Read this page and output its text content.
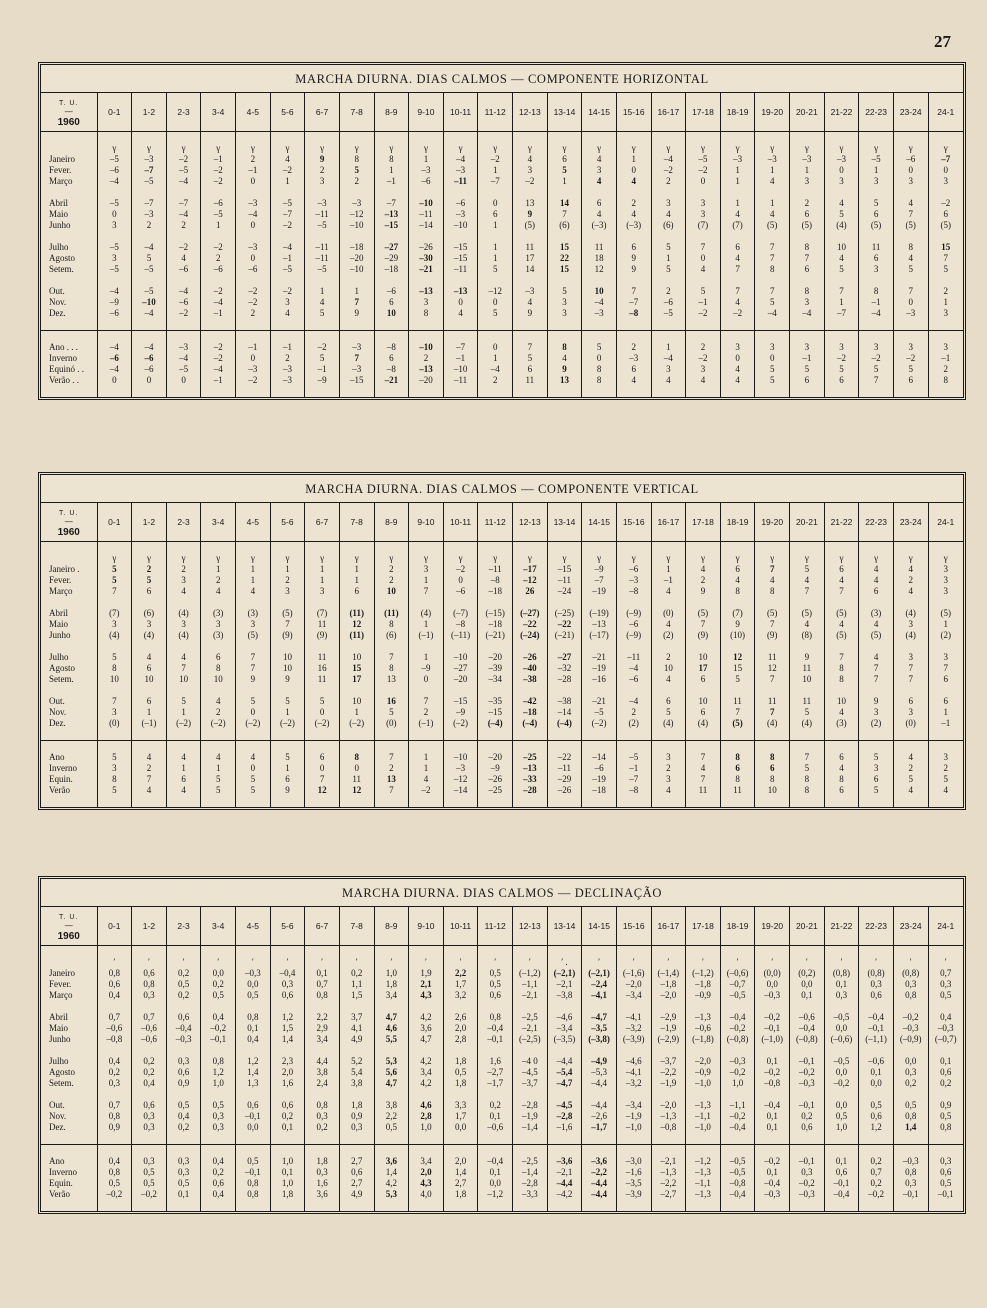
27
MARCHA DIURNA. DIAS CALMOS — COMPONENTE HORIZONTAL
T. U.
—
1960	0-1	1-2	2-3	3-4	4-5	5-6	6-7	7-8	8-9	9-10	10-11	11-12	12-13	13-14	14-15	15-16	16-17	17-18	18-19	19-20	20-21	21-22	22-23	23-24	24-1

	γ	γ	γ	γ	γ	γ	γ	γ	γ	γ	γ	γ	γ	γ	γ	γ	γ	γ	γ	γ	γ	γ	γ	γ	γ
Janeiro	–5	–3	–2	–1	2	4	9	8	8	1	–4	–2	4	6	4	1	–4	–5	–3	–3	–3	–3	–5	–6	–7
Fever.	–6	–7	–5	–2	–1	–2	2	5	1	–3	–3	1	3	5	3	0	–2	–2	1	1	1	0	1	0	0
Março	–4	–5	–4	–2	0	1	3	2	–1	–6	–11	–7	–2	1	4	4	2	0	1	4	3	3	3	3	3

Abril	–5	–7	–7	–6	–3	–5	–3	–3	–7	–10	–6	0	13	14	6	2	3	3	1	1	2	4	5	4	–2
Maio	0	–3	–4	–5	–4	–7	–11	–12	–13	–11	–3	6	9	7	4	4	4	3	4	4	6	5	6	7	6
Junho	3	2	2	1	0	–2	–5	–10	–15	–14	–10	1	(5)	(6)	(–3)	(–3)	(6)	(7)	(7)	(5)	(5)	(4)	(5)	(5)	(5)

Julho	–5	–4	–2	–2	–3	–4	–11	–18	–27	–26	–15	1	11	15	11	6	5	7	6	7	8	10	11	8	15
Agosto	3	5	4	2	0	–1	–11	–20	–29	–30	–15	1	17	22	18	9	1	0	4	7	7	4	6	4	7
Setem.	–5	–5	–6	–6	–6	–5	–5	–10	–18	–21	–11	5	14	15	12	9	5	4	7	8	6	5	3	5	5

Out.	–4	–5	–4	–2	–2	–2	1	1	–6	–13	–13	–12	–3	5	10	7	2	5	7	7	8	7	8	7	2
Nov.	–9	–10	–6	–4	–2	3	4	7	6	3	0	0	4	3	–4	–7	–6	–1	4	5	3	1	–1	0	1
Dez.	–6	–4	–2	–1	2	4	5	9	10	8	4	5	9	3	–3	–8	–5	–2	–2	–4	–4	–7	–4	–3	3

Ano . . .	–4	–4	–3	–2	–1	–1	–2	–3	–8	–10	–7	0	7	8	5	2	1	2	3	3	3	3	3	3	3
Inverno	–6	–6	–4	–2	0	2	5	7	6	2	–1	1	5	4	0	–3	–4	–2	0	0	–1	–2	–2	–2	–1
Equinó . .	–4	–6	–5	–4	–3	–3	–1	–3	–8	–13	–10	–4	6	9	8	6	3	3	4	5	5	5	5	5	2
Verão . .	0	0	0	–1	–2	–3	–9	–15	–21	–20	–11	2	11	13	8	4	4	4	4	5	6	6	7	6	8

MARCHA DIURNA. DIAS CALMOS — COMPONENTE VERTICAL
T. U.
—
1960	0-1	1-2	2-3	3-4	4-5	5-6	6-7	7-8	8-9	9-10	10-11	11-12	12-13	13-14	14-15	15-16	16-17	17-18	18-19	19-20	20-21	21-22	22-23	23-24	24-1

	γ	γ	γ	γ	γ	γ	γ	γ	γ	γ	γ	γ	γ	γ	γ	γ	γ	γ	γ	γ	γ	γ	γ	γ	γ
Janeiro .	5	2	2	1	1	1	1	1	2	3	–2	–11	–17	–15	–9	–6	1	4	6	7	5	6	4	4	3
Fever.	5	5	3	2	1	2	1	1	2	1	0	–8	–12	–11	–7	–3	–1	2	4	4	4	4	4	2	3
Março	7	6	4	4	4	3	3	6	10	7	–6	–18	26	–24	–19	–8	4	9	8	8	7	7	6	4	3

Abril	(7)	(6)	(4)	(3)	(3)	(5)	(7)	(11)	(11)	(4)	(–7)	(–15)	(–27)	(–25)	(–19)	(–9)	(0)	(5)	(7)	(5)	(5)	(5)	(3)	(4)	(5)
Maio	3	3	3	3	3	7	11	12	8	1	–8	–18	–22	–22	–13	–6	4	7	9	7	4	4	4	3	1
Junho	(4)	(4)	(4)	(3)	(5)	(9)	(9)	(11)	(6)	(–1)	(–11)	(–21)	(–24)	(–21)	(–17)	(–9)	(2)	(9)	(10)	(9)	(8)	(5)	(5)	(4)	(2)

Julho	5	4	4	6	7	10	11	10	7	1	–10	–20	–26	–27	–21	–11	2	10	12	11	9	7	4	3	3
Agosto	8	6	7	8	7	10	16	15	8	–9	–27	–39	–40	–32	–19	–4	10	17	15	12	11	8	7	7	7
Setem.	10	10	10	10	9	9	11	17	13	0	–20	–34	–38	–28	–16	–6	4	6	5	7	10	8	7	7	6

Out.	7	6	5	4	5	5	5	10	16	7	–15	–35	–42	–38	–21	–4	6	10	11	11	11	10	9	6	6
Nov.	3	1	1	2	0	1	0	1	5	2	–9	–15	–18	–14	–5	2	5	6	7	7	5	4	3	3	1
Dez.	(0)	(–1)	(–2)	(–2)	(–2)	(–2)	(–2)	(–2)	(0)	(–1)	(–2)	(–4)	(–4)	(–4)	(–2)	(2)	(4)	(4)	(5)	(4)	(4)	(3)	(2)	(0)	–1

Ano	5	4	4	4	4	5	6	8	7	1	–10	–20	–25	–22	–14	–5	3	7	8	8	7	6	5	4	3
Inverno	3	2	1	1	0	1	0	0	2	1	–3	–9	–13	–11	–6	–1	2	4	6	6	5	4	3	2	2
Equin.	8	7	6	5	5	6	7	11	13	4	–12	–26	–33	–29	–19	–7	3	7	8	8	8	8	6	5	5
Verão	5	4	4	5	5	9	12	12	7	–2	–14	–25	–28	–26	–18	–8	4	11	11	10	8	6	5	4	4

MARCHA DIURNA. DIAS CALMOS — DECLINAÇÃO
T. U.
—
1960	0-1	1-2	2-3	3-4	4-5	5-6	6-7	7-8	8-9	9-10	10-11	11-12	12-13	13-14	14-15	15-16	16-17	17-18	18-19	19-20	20-21	21-22	22-23	23-24	24-1

	′	′	′	′	′	′	′	′	′	′	′	′	′	′ .	′	′	′	′	′	′	′	′	′	′	′
Janeiro	0,8	0,6	0,2	0,0	–0,3	–0,4	0,1	0,2	1,0	1,9	2,2	0,5	(–1,2)	(–2,1)	(–2,1)	(–1,6)	(–1,4)	(–1,2)	(–0,6)	(0,0)	(0,2)	(0,8)	(0,8)	(0,8)	0,7
Fever.	0,6	0,8	0,5	0,2	0,0	0,3	0,7	1,1	1,8	2,1	1,7	0,5	–1,1	–2,1	–2,4	–2,0	–1,8	–1,8	–0,7	0,0	0,0	0,1	0,3	0,3	0,3
Março	0,4	0,3	0,2	0,5	0,5	0,6	0,8	1,5	3,4	4,3	3,2	0,6	–2,1	–3,8	–4,1	–3,4	–2,0	–0,9	–0,5	–0,3	0,1	0,3	0,6	0,8	0,5

Abril	0,7	0,7	0,6	0,4	0,8	1,2	2,2	3,7	4,7	4,2	2,6	0,8	–2,5	–4,6	–4,7	–4,1	–2,9	–1,3	–0,4	–0,2	–0,6	–0,5	–0,4	–0,2	0,4
Maio	–0,6	–0,6	–0,4	–0,2	0,1	1,5	2,9	4,1	4,6	3,6	2,0	–0,4	–2,1	–3,4	–3,5	–3,2	–1,9	–0,6	–0,2	–0,1	–0,4	0,0	–0,1	–0,3	–0,3
Junho	–0,8	–0,6	–0,3	–0,1	0,4	1,4	3,4	4,9	5,5	4,7	2,8	–0,1	(–2,5)	(–3,5)	(–3,8)	(–3,9)	(–2,9)	(–1,8)	(–0,8)	(–1,0)	(–0,8)	(–0,6)	(–1,1)	(–0,9)	(–0,7)

Julho	0,4	0,2	0,3	0,8	1,2	2,3	4,4	5,2	5,3	4,2	1,8	1,6	–4 0	–4,4	–4,9	–4,6	–3,7	–2,0	–0,3	0,1	–0,1	–0,5	–0,6	0,0	0,1
Agosto	0,2	0,2	0,6	1,2	1,4	2,0	3,8	5,4	5,6	3,4	0,5	–2,7	–4,5	–5,4	–5,3	–4,1	–2,2	–0,9	–0,2	–0,2	–0,2	0,0	0,1	0,3	0,6
Setem.	0,3	0,4	0,9	1,0	1,3	1,6	2,4	3,8	4,7	4,2	1,8	–1,7	–3,7	–4,7	–4,4	–3,2	–1,9	–1,0	1,0	–0,8	–0,3	–0,2	0,0	0,2	0,2

Out.	0,7	0,6	0,5	0,5	0,6	0,6	0,8	1,8	3,8	4,6	3,3	0,2	–2,8	–4,5	–4,4	–3,4	–2,0	–1,3	–1,1	–0,4	–0,1	0,0	0,5	0,5	0,9
Nov.	0,8	0,3	0,4	0,3	–0,1	0,2	0,3	0,9	2,2	2,8	1,7	0,1	–1,9	–2,8	–2,6	–1,9	–1,3	–1,1	–0,2	0,1	0,2	0,5	0,6	0,8	0,5
Dez.	0,9	0,3	0,2	0,3	0,0	0,1	0,2	0,3	0,5	1,0	0,0	–0,6	–1,4	–1,6	–1,7	–1,0	–0,8	–1,0	–0,4	0,1	0,6	1,0	1,2	1,4	0,8

Ano	0,4	0,3	0,3	0,4	0,5	1,0	1,8	2,7	3,6	3,4	2,0	–0,4	–2,5	–3,6	–3,6	–3,0	–2,1	–1,2	–0,5	–0,2	–0,1	0,1	0,2	–0,3	0,3
Inverno	0,8	0,5	0,3	0,2	–0,1	0,1	0,3	0,6	1,4	2,0	1,4	0,1	–1,4	–2,1	–2,2	–1,6	–1,3	–1,3	–0,5	0,1	0,3	0,6	0,7	0,8	0,6
Equin.	0,5	0,5	0,5	0,6	0,8	1,0	1,6	2,7	4,2	4,3	2,7	0,0	–2,8	–4,4	–4,4	–3,5	–2,2	–1,1	–0,8	–0,4	–0,2	–0,1	0,2	0,3	0,5
Verão	–0,2	–0,2	0,1	0,4	0,8	1,8	3,6	4,9	5,3	4,0	1,8	–1,2	–3,3	–4,2	–4,4	–3,9	–2,7	–1,3	–0,4	–0,3	–0,3	–0,4	–0,2	–0,1	–0,1
